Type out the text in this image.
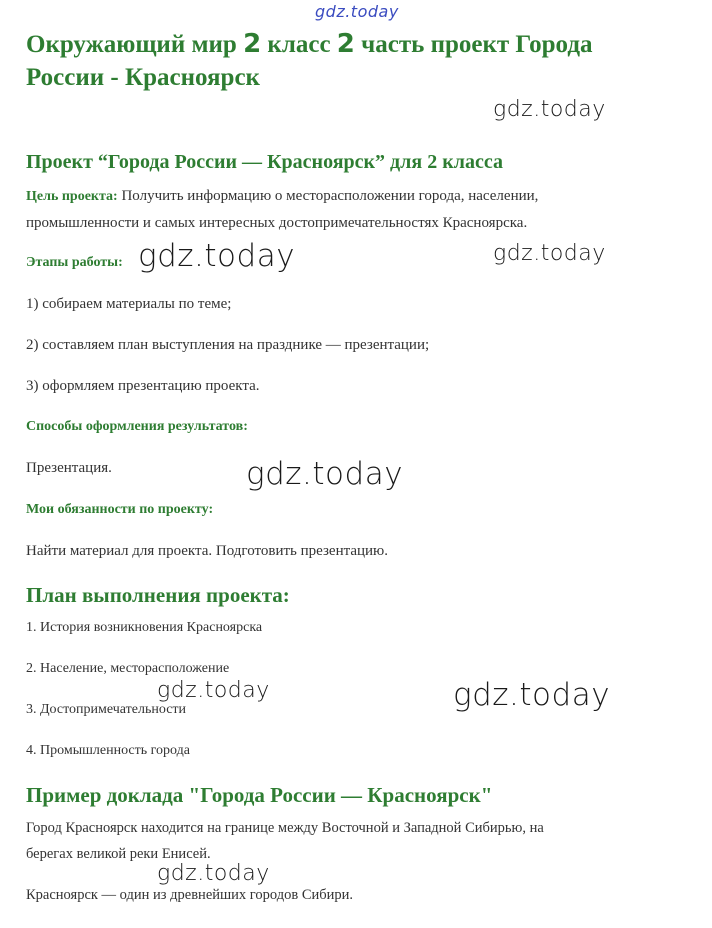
gdz.today
gdz.today
gdz.today	gdz.today
gdz.today
gdz.today	gdz.today
gdz.today
Окружающий мир 2 класс 2 часть проект Города
России - Красноярск
Проект “Города России — Красноярск” для 2 класса
Цель проекта: Получить информацию о месторасположении города, населении,
промышленности и самых интересных достопримечательностях Красноярска.
Этапы работы:
1) собираем материалы по теме;
2) составляем план выступления на празднике — презентации;
3) оформляем презентацию проекта.
Способы оформления результатов:
Презентация.
Мои обязанности по проекту:
Найти материал для проекта. Подготовить презентацию.
План выполнения проекта:
1. История возникновения Красноярска
2. Население, месторасположение
3. Достопримечательности
4. Промышленность города
Пример доклада "Города России — Красноярск"
Город Красноярск находится на границе между Восточной и Западной Сибирью, на
берегах великой реки Енисей.
Красноярск — один из древнейших городов Сибири.
